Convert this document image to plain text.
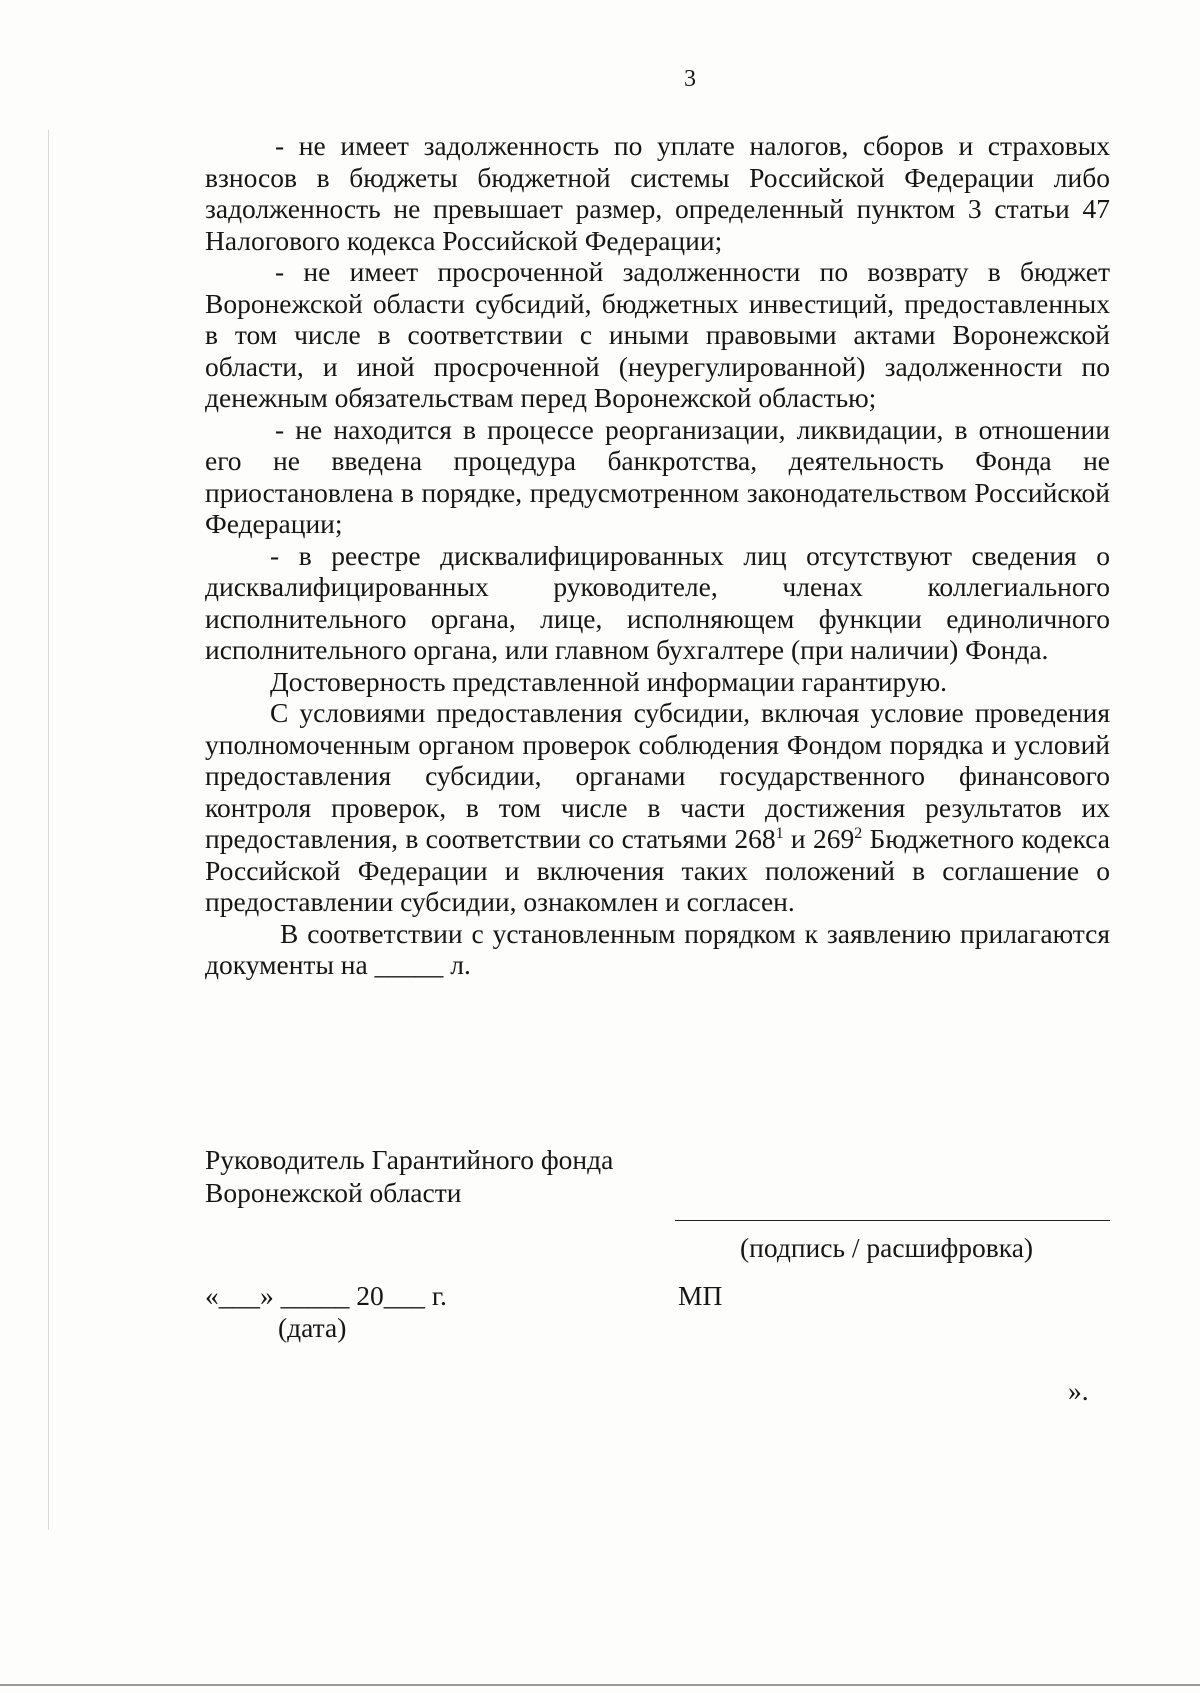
3

- не имеет задолженность по уплате налогов, сборов и страховых взносов в бюджеты бюджетной системы Российской Федерации либо задолженность не превышает размер, определенный пунктом 3 статьи 47 Налогового кодекса Российской Федерации;

- не имеет просроченной задолженности по возврату в бюджет Воронежской области субсидий, бюджетных инвестиций, предоставленных в том числе в соответствии с иными правовыми актами Воронежской области, и иной просроченной (неурегулированной) задолженности по денежным обязательствам перед Воронежской областью;

- не находится в процессе реорганизации, ликвидации, в отношении его не введена процедура банкротства, деятельность Фонда не приостановлена в порядке, предусмотренном законодательством Российской Федерации;

- в реестре дисквалифицированных лиц отсутствуют сведения о дисквалифицированных руководителе, членах коллегиального исполнительного органа, лице, исполняющем функции единоличного исполнительного органа, или главном бухгалтере (при наличии) Фонда.

Достоверность представленной информации гарантирую.

С условиями предоставления субсидии, включая условие проведения уполномоченным органом проверок соблюдения Фондом порядка и условий предоставления субсидии, органами государственного финансового контроля проверок, в том числе в части достижения результатов их предоставления, в соответствии со статьями $268^1$ и $269^2$ Бюджетного кодекса Российской Федерации и включения таких положений в соглашение о предоставлении субсидии, ознакомлен и согласен.

В соответствии с установленным порядком к заявлению прилагаются документы на _____ л.

Руководитель Гарантийного фонда
Воронежской области
(подпись / расшифровка)
«___» _____ 20___ г.
(дата)
МП
».
